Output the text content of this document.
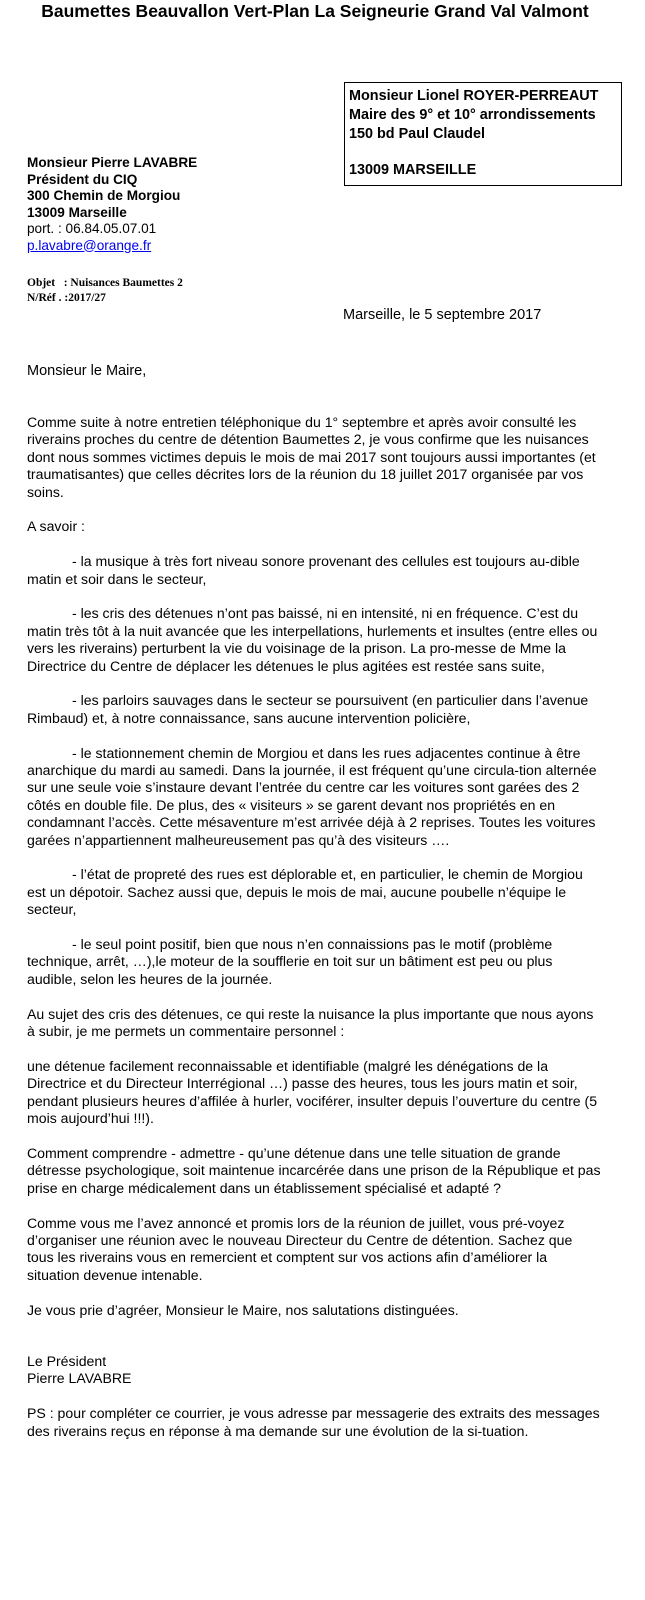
Baumettes Beauvallon Vert-Plan La Seigneurie Grand Val Valmont
Monsieur Lionel ROYER-PERREAUT
Maire des 9° et 10° arrondissements
150 bd Paul Claudel
13009 MARSEILLE
Monsieur Pierre LAVABRE
Président du CIQ
300 Chemin de Morgiou
13009 Marseille
port. : 06.84.05.07.01
p.lavabre@orange.fr
Objet   : Nuisances Baumettes 2
N/Réf . :2017/27
Marseille, le 5 septembre 2017
Monsieur le Maire,

Comme suite à notre entretien téléphonique du 1° septembre et après avoir consulté les riverains proches du centre de détention Baumettes 2, je vous confirme que les nuisances dont nous sommes victimes depuis le mois de mai 2017 sont toujours aussi importantes (et traumatisantes) que celles décrites lors de la réunion du 18 juillet 2017 organisée par vos soins.

A savoir :

- la musique à très fort niveau sonore provenant des cellules est toujours au-dible matin et soir dans le secteur,

- les cris des détenues n’ont pas baissé, ni en intensité, ni en fréquence. C’est du matin très tôt à la nuit avancée que les interpellations, hurlements et insultes (entre elles ou vers les riverains) perturbent la vie du voisinage de la prison. La pro-messe de Mme la Directrice du Centre de déplacer les détenues le plus agitées est restée sans suite,

- les parloirs sauvages dans le secteur se poursuivent (en particulier dans l’avenue Rimbaud) et, à notre connaissance, sans aucune intervention policière,

- le stationnement chemin de Morgiou et dans les rues adjacentes continue à être anarchique du mardi au samedi. Dans la journée, il est fréquent qu’une circula-tion alternée sur une seule voie s’instaure devant l’entrée du centre car les voitures sont garées des 2 côtés en double file. De plus, des « visiteurs » se garent devant nos propriétés en en condamnant l’accès. Cette mésaventure m’est arrivée déjà à 2 reprises. Toutes les voitures garées n’appartiennent malheureusement pas qu’à des visiteurs ….

- l’état de propreté des rues est déplorable et, en particulier, le chemin de Morgiou est un dépotoir. Sachez aussi que, depuis le mois de mai, aucune poubelle n’équipe le secteur,

- le seul point positif, bien que nous n’en connaissions pas le motif (problème technique, arrêt, …),le moteur de la soufflerie en toit sur un bâtiment est peu ou plus audible, selon les heures de la journée.

Au sujet des cris des détenues, ce qui reste la nuisance la plus importante que nous ayons à subir, je me permets un commentaire personnel :

une détenue facilement reconnaissable et identifiable (malgré les dénégations de la Directrice et du Directeur Interrégional …) passe des heures, tous les jours matin et soir, pendant plusieurs heures d’affilée à hurler, vociférer, insulter depuis l’ouverture du centre (5 mois aujourd’hui !!!).

Comment comprendre - admettre - qu’une détenue dans une telle situation de grande détresse psychologique, soit maintenue incarcérée dans une prison de la République et pas prise en charge médicalement dans un établissement spécialisé et adapté ?

Comme vous me l’avez annoncé et promis lors de la réunion de juillet, vous pré-voyez d’organiser une réunion avec le nouveau Directeur du Centre de détention. Sachez que tous les riverains vous en remercient et comptent sur vos actions afin d’améliorer la situation devenue intenable.

Je vous prie d’agréer, Monsieur le Maire, nos salutations distinguées.

Le Président
Pierre LAVABRE

PS : pour compléter ce courrier, je vous adresse par messagerie des extraits des messages des riverains reçus en réponse à ma demande sur une évolution de la si-tuation.
